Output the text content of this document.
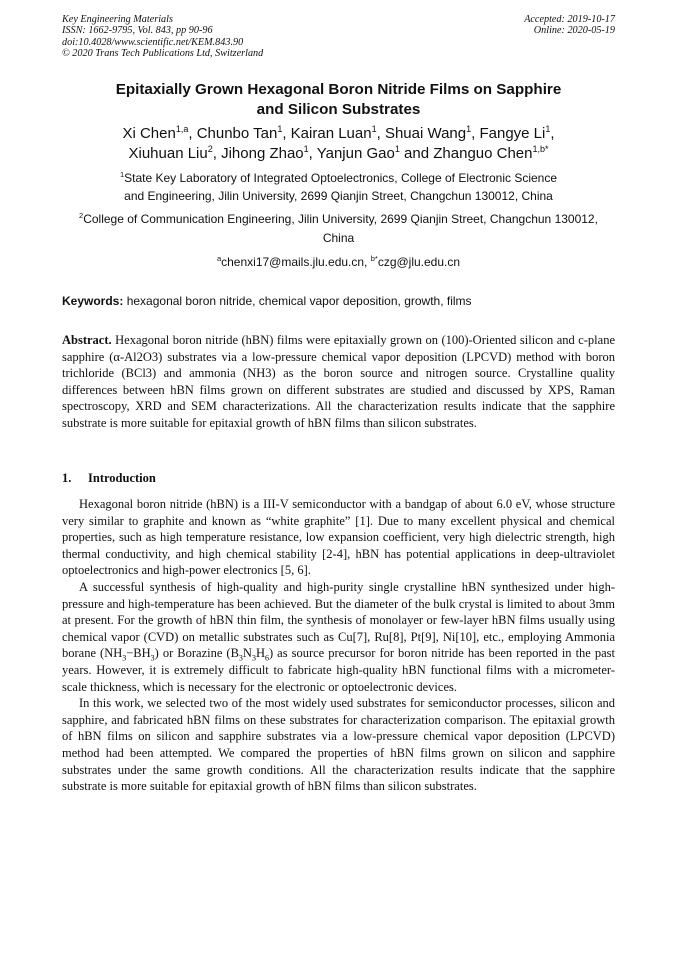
Key Engineering Materials
ISSN: 1662-9795, Vol. 843, pp 90-96
doi:10.4028/www.scientific.net/KEM.843.90
© 2020 Trans Tech Publications Ltd, Switzerland
Accepted: 2019-10-17
Online: 2020-05-19
Epitaxially Grown Hexagonal Boron Nitride Films on Sapphire
and Silicon Substrates
Xi Chen$^{1,a}$, Chunbo Tan$^1$, Kairan Luan$^1$, Shuai Wang$^1$, Fangye Li$^1$,
Xiuhuan Liu$^2$, Jihong Zhao$^1$, Yanjun Gao$^1$ and Zhanguo Chen$^{1,b*}$
$^1$State Key Laboratory of Integrated Optoelectronics, College of Electronic Science
and Engineering, Jilin University, 2699 Qianjin Street, Changchun 130012, China
$^2$College of Communication Engineering, Jilin University, 2699 Qianjin Street, Changchun 130012,
China
$^a$chenxi17@mails.jlu.edu.cn, $^{b*}$czg@jlu.edu.cn
Keywords: hexagonal boron nitride, chemical vapor deposition, growth, films
Abstract. Hexagonal boron nitride (hBN) films were epitaxially grown on (100)-Oriented silicon and c-plane sapphire (α-Al2O3) substrates via a low-pressure chemical vapor deposition (LPCVD) method with boron trichloride (BCl3) and ammonia (NH3) as the boron source and nitrogen source. Crystalline quality differences between hBN films grown on different substrates are studied and discussed by XPS, Raman spectroscopy, XRD and SEM characterizations. All the characterization results indicate that the sapphire substrate is more suitable for epitaxial growth of hBN films than silicon substrates.
1. Introduction

Hexagonal boron nitride (hBN) is a III-V semiconductor with a bandgap of about 6.0 eV, whose structure very similar to graphite and known as “white graphite” [1]. Due to many excellent physical and chemical properties, such as high temperature resistance, low expansion coefficient, very high dielectric strength, high thermal conductivity, and high chemical stability [2-4], hBN has potential applications in deep-ultraviolet optoelectronics and high-power electronics [5, 6].

A successful synthesis of high-quality and high-purity single crystalline hBN synthesized under high-pressure and high-temperature has been achieved. But the diameter of the bulk crystal is limited to about 3mm at present. For the growth of hBN thin film, the synthesis of monolayer or few-layer hBN films usually using chemical vapor (CVD) on metallic substrates such as Cu[7], Ru[8], Pt[9], Ni[10], etc., employing Ammonia borane $(NH_3-BH_3)$ or Borazine $(B_3N_3H_6)$ as source precursor for boron nitride has been reported in the past years. However, it is extremely difficult to fabricate high-quality hBN functional films with a micrometer-scale thickness, which is necessary for the electronic or optoelectronic devices.

In this work, we selected two of the most widely used substrates for semiconductor processes, silicon and sapphire, and fabricated hBN films on these substrates for characterization comparison. The epitaxial growth of hBN films on silicon and sapphire substrates via a low-pressure chemical vapor deposition (LPCVD) method had been attempted. We compared the properties of hBN films grown on silicon and sapphire substrates under the same growth conditions. All the characterization results indicate that the sapphire substrate is more suitable for epitaxial growth of hBN films than silicon substrates.
